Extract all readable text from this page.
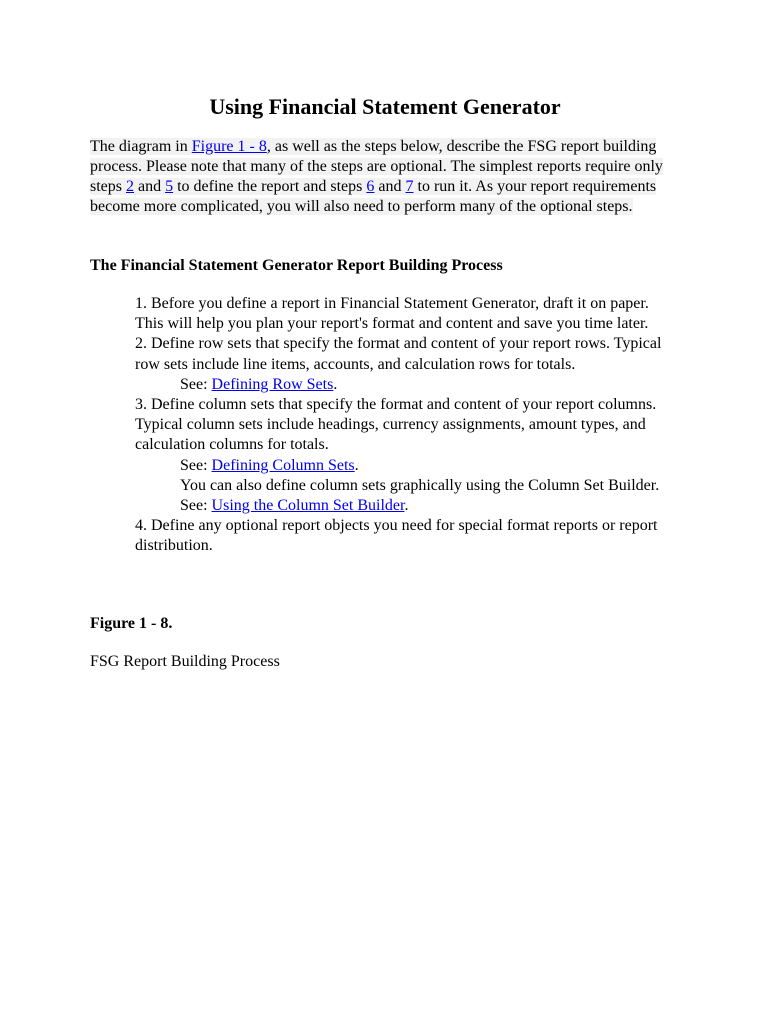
Using Financial Statement Generator

The diagram in Figure 1 - 8, as well as the steps below, describe the FSG report building process. Please note that many of the steps are optional. The simplest reports require only steps 2 and 5 to define the report and steps 6 and 7 to run it. As your report requirements become more complicated, you will also need to perform many of the optional steps.

The Financial Statement Generator Report Building Process
1. Before you define a report in Financial Statement Generator, draft it on paper. This will help you plan your report's format and content and save you time later.
2. Define row sets that specify the format and content of your report rows. Typical row sets include line items, accounts, and calculation rows for totals.
See: Defining Row Sets.
3. Define column sets that specify the format and content of your report columns. Typical column sets include headings, currency assignments, amount types, and calculation columns for totals.
See: Defining Column Sets.
You can also define column sets graphically using the Column Set Builder.
See: Using the Column Set Builder.
4. Define any optional report objects you need for special format reports or report distribution.

Figure 1 - 8.

FSG Report Building Process
